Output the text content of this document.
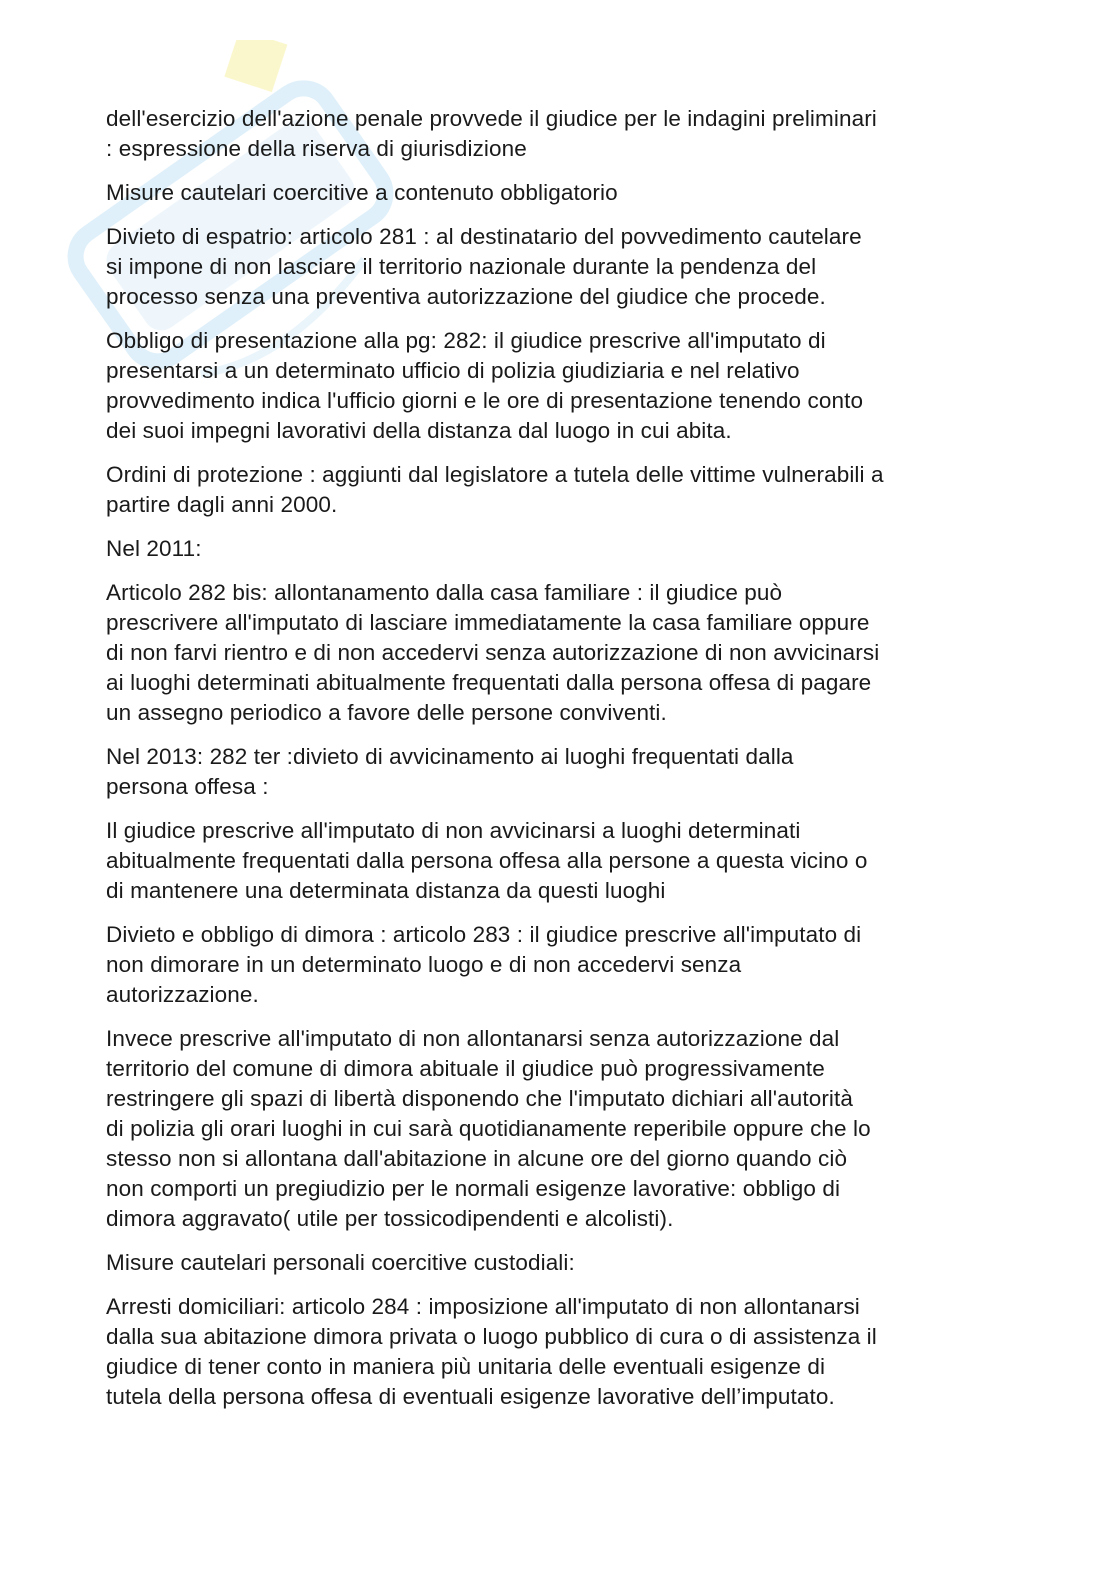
dell'esercizio dell'azione penale provvede il giudice per le indagini preliminari
: espressione della riserva di giurisdizione

Misure cautelari coercitive a contenuto obbligatorio

Divieto di espatrio: articolo 281 : al destinatario del povvedimento cautelare
si impone di non lasciare il territorio nazionale durante la pendenza del
processo senza una preventiva autorizzazione del giudice che procede.

Obbligo di presentazione alla pg: 282: il giudice prescrive all'imputato di
presentarsi a un determinato ufficio di polizia giudiziaria e nel relativo
provvedimento indica l'ufficio giorni e le ore di presentazione tenendo conto
dei suoi impegni lavorativi della distanza dal luogo in cui abita.

Ordini di protezione : aggiunti dal legislatore a tutela delle vittime vulnerabili a
partire dagli anni 2000.

Nel 2011:

Articolo 282 bis: allontanamento dalla casa familiare : il giudice può
prescrivere all'imputato di lasciare immediatamente la casa familiare oppure
di non farvi rientro e di non accedervi senza autorizzazione di non avvicinarsi
ai luoghi determinati abitualmente frequentati dalla persona offesa di pagare
un assegno periodico a favore delle persone conviventi.

Nel 2013: 282 ter :divieto di avvicinamento ai luoghi frequentati dalla
persona offesa :

Il giudice prescrive all'imputato di non avvicinarsi a luoghi determinati
abitualmente frequentati dalla persona offesa alla persone a questa vicino o
di mantenere una determinata distanza da questi luoghi

Divieto e obbligo di dimora : articolo 283 : il giudice prescrive all'imputato di
non dimorare in un determinato luogo e di non accedervi senza
autorizzazione.

Invece prescrive all'imputato di non allontanarsi senza autorizzazione dal
territorio del comune di dimora abituale il giudice può progressivamente
restringere gli spazi di libertà disponendo che l'imputato dichiari all'autorità
di polizia gli orari luoghi in cui sarà quotidianamente reperibile oppure che lo
stesso non si allontana dall'abitazione in alcune ore del giorno quando ciò
non comporti un pregiudizio per le normali esigenze lavorative: obbligo di
dimora aggravato( utile per tossicodipendenti e alcolisti).

Misure cautelari personali coercitive custodiali:

Arresti domiciliari: articolo 284 : imposizione all'imputato di non allontanarsi
dalla sua abitazione dimora privata o luogo pubblico di cura o di assistenza il
giudice di tener conto in maniera più unitaria delle eventuali esigenze di
tutela della persona offesa di eventuali esigenze lavorative dell’imputato.
